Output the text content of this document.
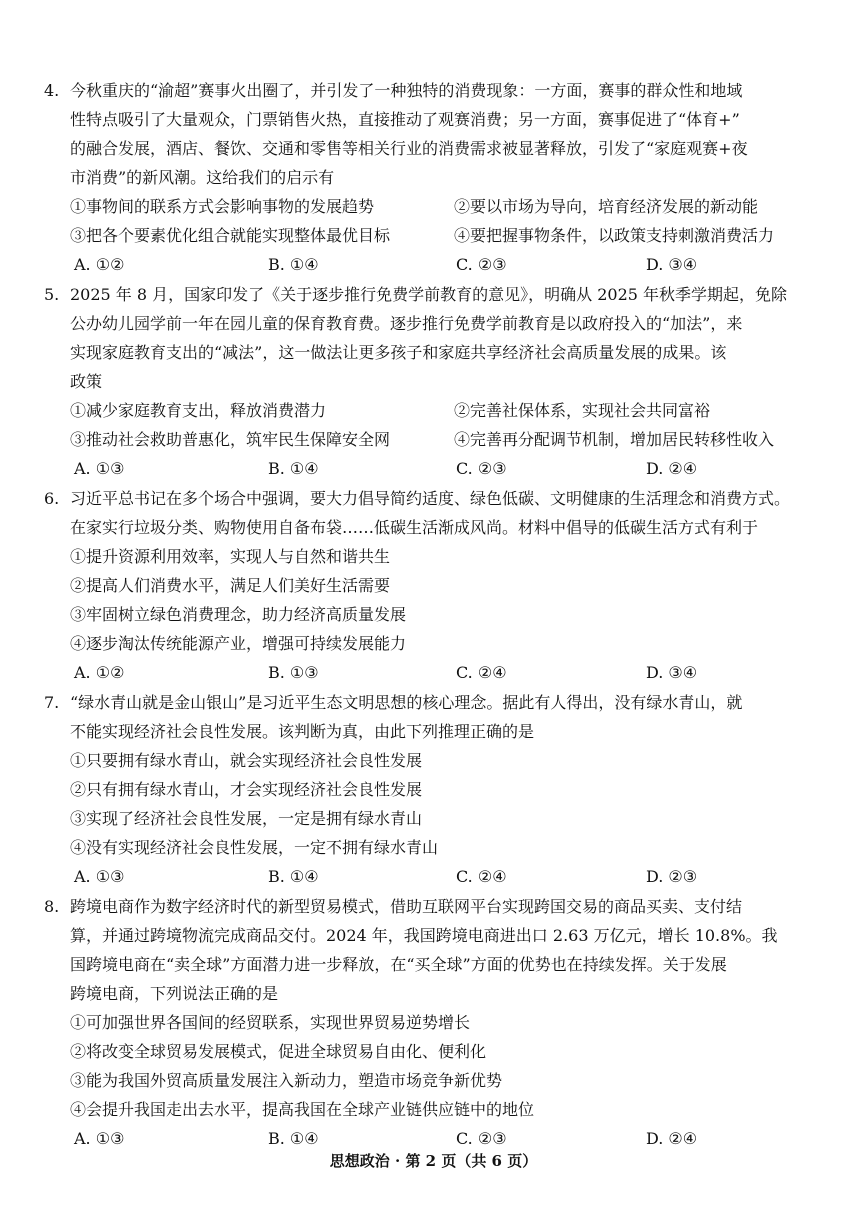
4. 今秋重庆的“渝超”赛事火出圈了，并引发了一种独特的消费现象：一方面，赛事的群众性和地域
性特点吸引了大量观众，门票销售火热，直接推动了观赛消费；另一方面，赛事促进了“体育+”
的融合发展，酒店、餐饮、交通和零售等相关行业的消费需求被显著释放，引发了“家庭观赛+夜
市消费”的新风潮。这给我们的启示有
①事物间的联系方式会影响事物的发展趋势	②要以市场为导向，培育经济发展的新动能
③把各个要素优化组合就能实现整体最优目标	④要把握事物条件，以政策支持刺激消费活力
A. ①②	B. ①④	C. ②③	D. ③④
5. 2025 年 8 月，国家印发了《关于逐步推行免费学前教育的意见》，明确从 2025 年秋季学期起，免除
公办幼儿园学前一年在园儿童的保育教育费。逐步推行免费学前教育是以政府投入的“加法”，来
实现家庭教育支出的“减法”，这一做法让更多孩子和家庭共享经济社会高质量发展的成果。该
政策
①减少家庭教育支出，释放消费潜力	②完善社保体系，实现社会共同富裕
③推动社会救助普惠化，筑牢民生保障安全网	④完善再分配调节机制，增加居民转移性收入
A. ①③	B. ①④	C. ②③	D. ②④
6. 习近平总书记在多个场合中强调，要大力倡导简约适度、绿色低碳、文明健康的生活理念和消费方式。
在家实行垃圾分类、购物使用自备布袋……低碳生活渐成风尚。材料中倡导的低碳生活方式有利于
①提升资源利用效率，实现人与自然和谐共生
②提高人们消费水平，满足人们美好生活需要
③牢固树立绿色消费理念，助力经济高质量发展
④逐步淘汰传统能源产业，增强可持续发展能力
A. ①②	B. ①③	C. ②④	D. ③④
7. “绿水青山就是金山银山”是习近平生态文明思想的核心理念。据此有人得出，没有绿水青山，就
不能实现经济社会良性发展。该判断为真，由此下列推理正确的是
①只要拥有绿水青山，就会实现经济社会良性发展
②只有拥有绿水青山，才会实现经济社会良性发展
③实现了经济社会良性发展，一定是拥有绿水青山
④没有实现经济社会良性发展，一定不拥有绿水青山
A. ①③	B. ①④	C. ②④	D. ②③
8. 跨境电商作为数字经济时代的新型贸易模式，借助互联网平台实现跨国交易的商品买卖、支付结
算，并通过跨境物流完成商品交付。2024 年，我国跨境电商进出口 2.63 万亿元，增长 10.8%。我
国跨境电商在“卖全球”方面潜力进一步释放，在“买全球”方面的优势也在持续发挥。关于发展
跨境电商，下列说法正确的是
①可加强世界各国间的经贸联系，实现世界贸易逆势增长
②将改变全球贸易发展模式，促进全球贸易自由化、便利化
③能为我国外贸高质量发展注入新动力，塑造市场竞争新优势
④会提升我国走出去水平，提高我国在全球产业链供应链中的地位
A. ①③	B. ①④	C. ②③	D. ②④
思想政治 · 第 2 页（共 6 页）
